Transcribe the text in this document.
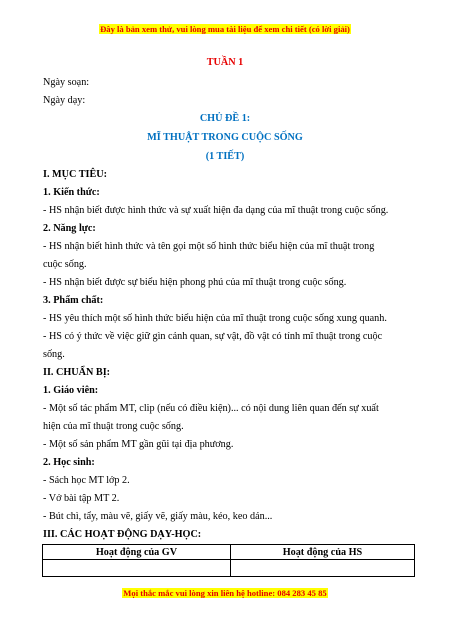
Đây là bản xem thử, vui lòng mua tài liệu để xem chi tiết (có lời giải)
TUẦN 1
Ngày soạn:
Ngày dạy:
CHỦ ĐỀ 1:
MĨ THUẬT TRONG CUỘC SỐNG
(1 TIẾT)
I. MỤC TIÊU:
1. Kiến thức:
- HS nhận biết được hình thức và sự xuất hiện đa dạng của mĩ thuật trong cuộc sống.
2. Năng lực:
- HS nhận biết hình thức và tên gọi một số hình thức biểu hiện của mĩ thuật trong
cuộc sống.
- HS nhận biết được sự biểu hiện phong phú của mĩ thuật trong cuộc sống.
3. Phẩm chất:
- HS yêu thích một số hình thức biểu hiện của mĩ thuật trong cuộc sống xung quanh.
- HS có ý thức về việc giữ gìn cảnh quan, sự vật, đồ vật có tính mĩ thuật trong cuộc
sống.
II. CHUẨN BỊ:
1. Giáo viên:
- Một số tác phẩm MT, clip (nếu có điều kiện)... có nội dung liên quan đến sự xuất
hiện của mĩ thuật trong cuộc sống.
- Một số sản phẩm MT gần gũi tại địa phương.
2. Học sinh:
- Sách học MT lớp 2.
- Vở bài tập MT 2.
- Bút chì, tẩy, màu vẽ, giấy vẽ, giấy màu, kéo, keo dán...
III. CÁC HOẠT ĐỘNG DẠY-HỌC:
Hoạt động của GV	Hoạt động của HS

Mọi thắc mắc vui lòng xin liên hệ hotline: 084 283 45 85
